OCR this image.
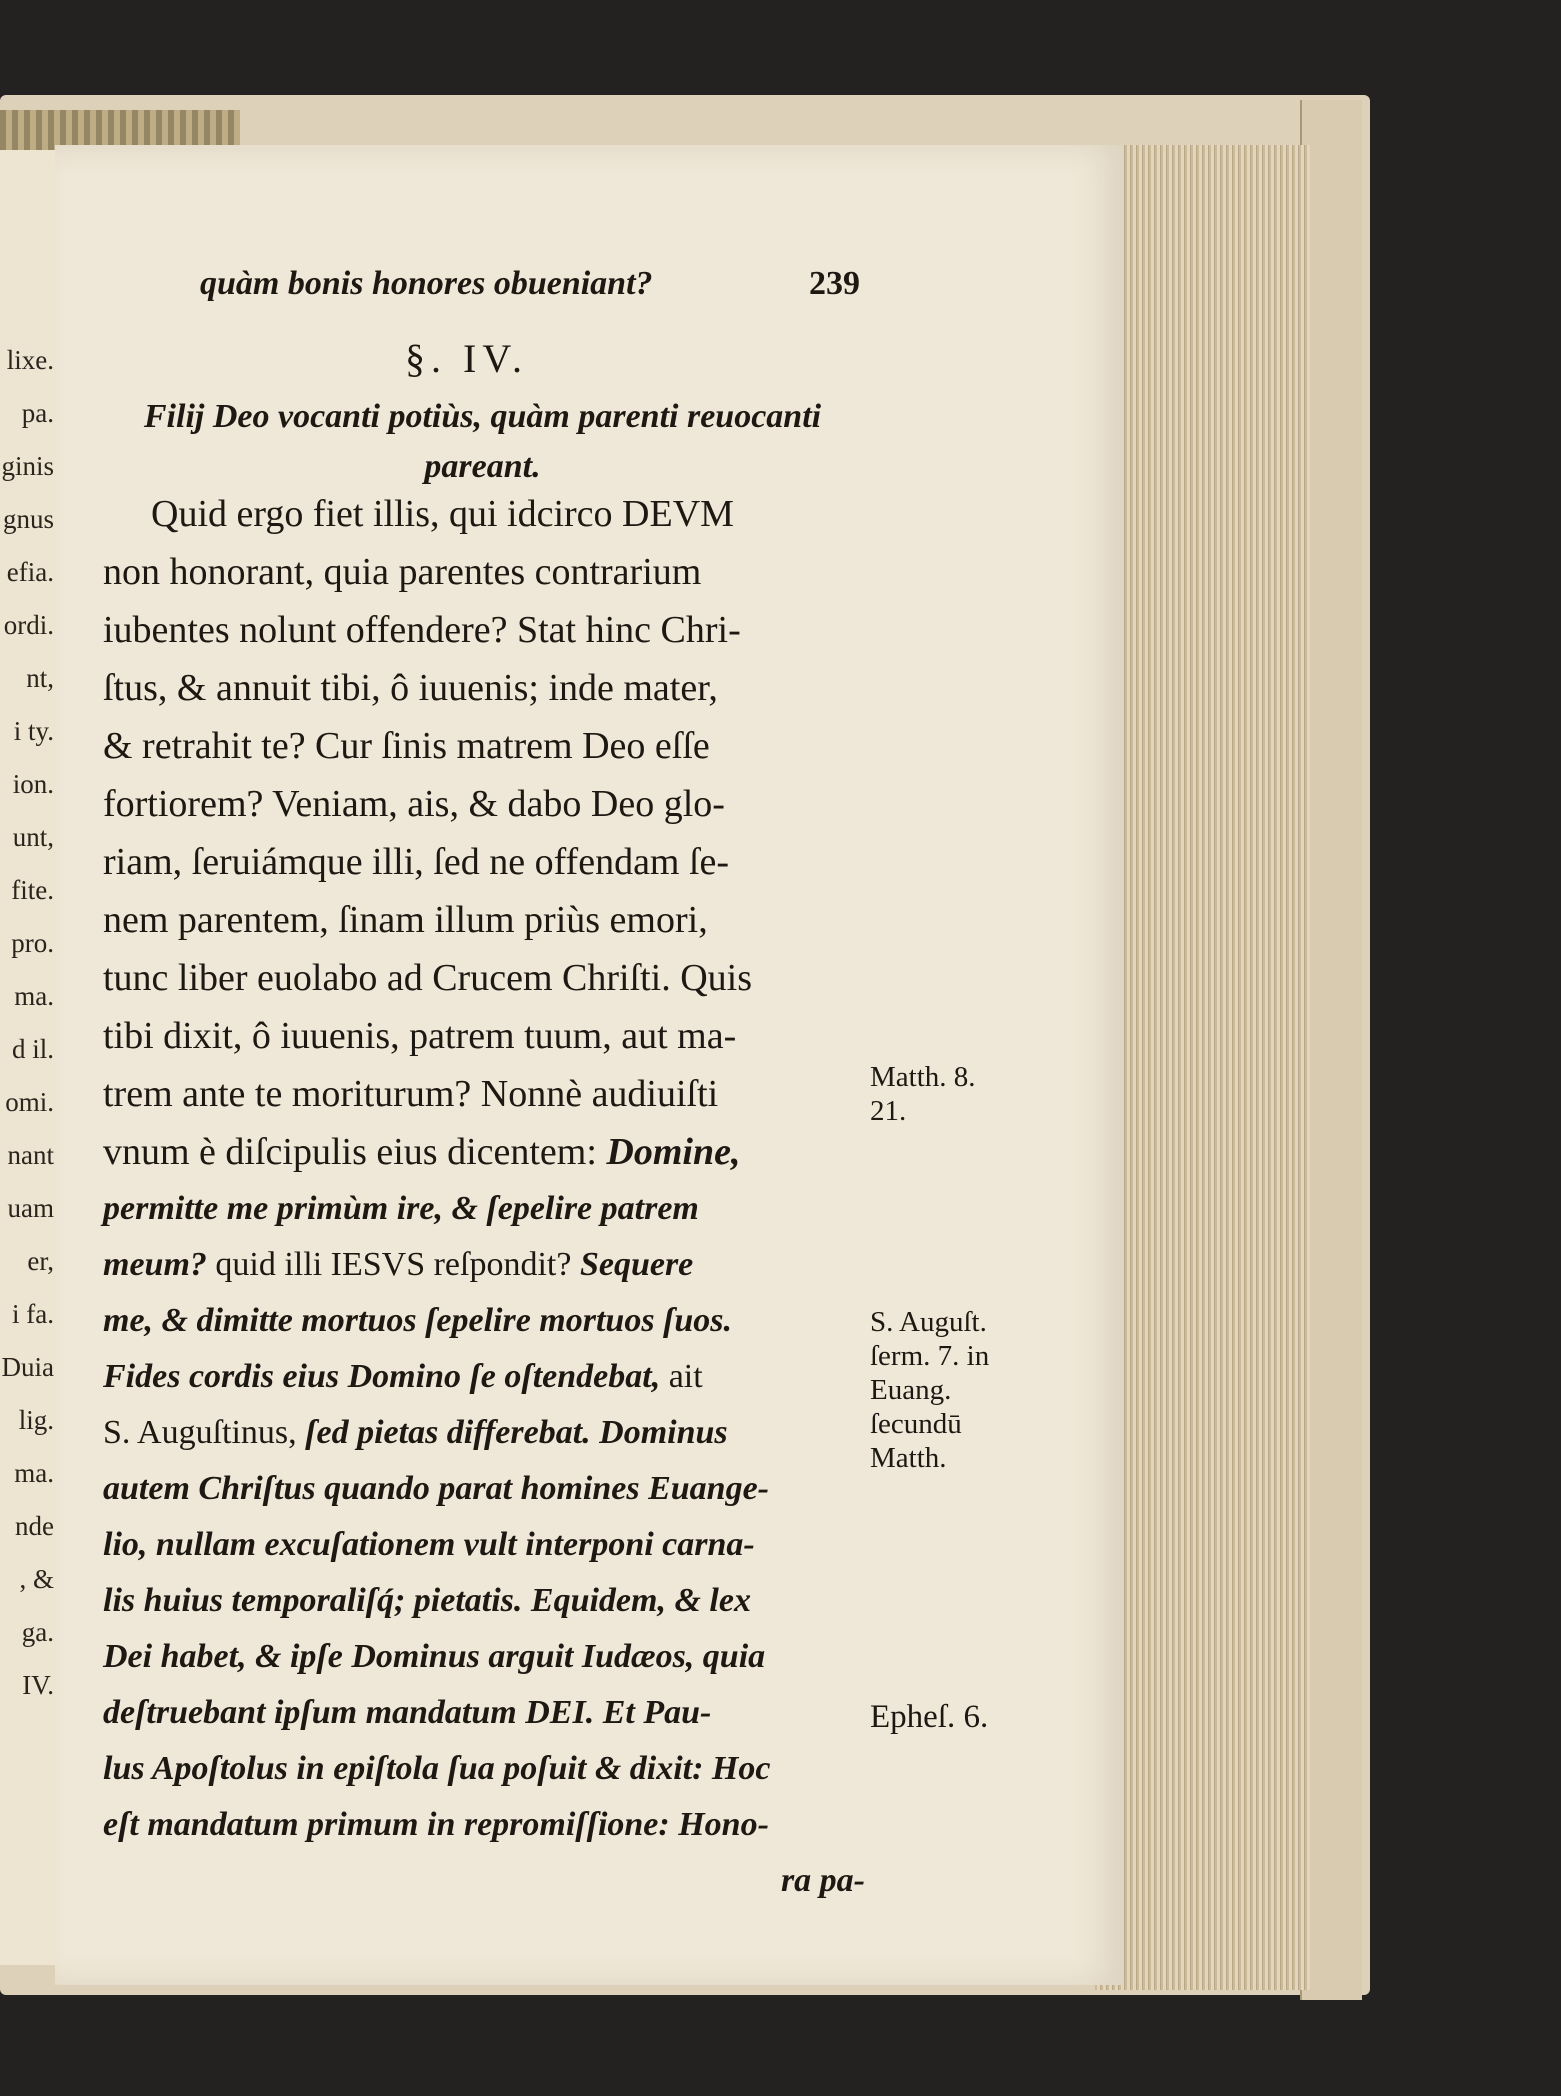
lixe.
pa.
ginis
gnus
efia.
ordi.
nt,
i ty.
ion.
unt,
fite.
pro.
ma.
d il.
omi.
nant
uam
er,
i fa.
Duia
lig.
ma.
nde
, &
ga.
IV.
quàm bonis honores obueniant?	239
§. IV.
Filij Deo vocanti potiùs, quàm parenti reuocanti pareant.
Quid ergo fiet illis, qui idcirco DEVM
non honorant, quia parentes contrarium
iubentes nolunt offendere? Stat hinc Chri-
ſtus, & annuit tibi, ô iuuenis; inde mater,
& retrahit te? Cur ſinis matrem Deo eſſe
fortiorem? Veniam, ais, & dabo Deo glo-
riam, ſeruiámque illi, ſed ne offendam ſe-
nem parentem, ſinam illum priùs emori,
tunc liber euolabo ad Crucem Chriſti. Quis
tibi dixit, ô iuuenis, patrem tuum, aut ma-
trem ante te moriturum? Nonnè audiuiſti
vnum è diſcipulis eius dicentem: Domine,
permitte me primùm ire, & ſepelire patrem
meum? quid illi IESVS reſpondit? Sequere
me, & dimitte mortuos ſepelire mortuos ſuos.
Fides cordis eius Domino ſe oſtendebat, ait
S. Auguſtinus, ſed pietas differebat. Dominus
autem Chriſtus quando parat homines Euange-
lio, nullam excuſationem vult interponi carna-
lis huius temporaliſq́; pietatis. Equidem, & lex
Dei habet, & ipſe Dominus arguit Iudæos, quia
deſtruebant ipſum mandatum DEI. Et Pau-
lus Apoſtolus in epiſtola ſua poſuit & dixit: Hoc
eſt mandatum primum in repromiſſione: Hono-
ra pa-
Matth. 8.
21.
S. Auguſt.
ſerm. 7. in
Euang.
ſecundū
Matth.
Epheſ. 6.
